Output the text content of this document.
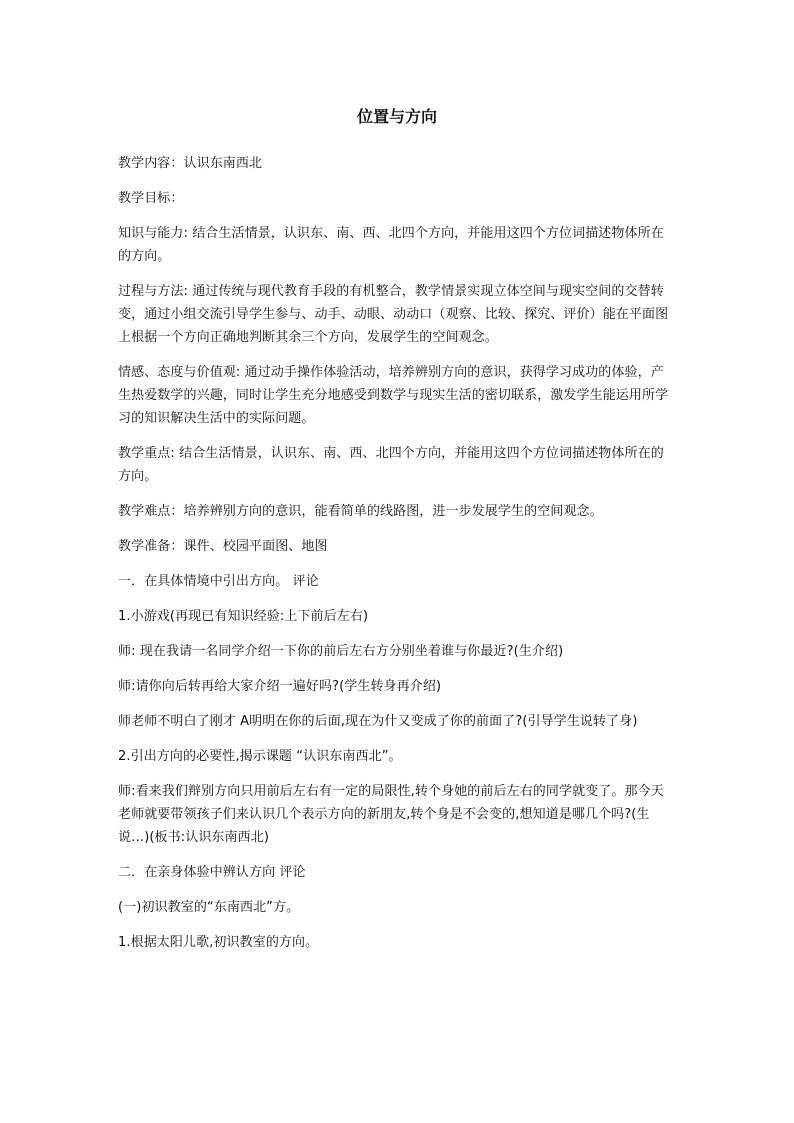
位置与方向

教学内容：认识东南西北

教学目标：

知识与能力: 结合生活情景，认识东、南、西、北四个方向，并能用这四个方位词描述物体所在的方向。

过程与方法: 通过传统与现代教育手段的有机整合，教学情景实现立体空间与现实空间的交替转变，通过小组交流引导学生参与、动手、动眼、动动口（观察、比较、探究、评价）能在平面图上根据一个方向正确地判断其余三个方向，发展学生的空间观念。

情感、态度与价值观: 通过动手操作体验活动，培养辨别方向的意识，获得学习成功的体验，产生热爱数学的兴趣，同时让学生充分地感受到数学与现实生活的密切联系，激发学生能运用所学习的知识解决生活中的实际问题。

教学重点: 结合生活情景，认识东、南、西、北四个方向，并能用这四个方位词描述物体所在的方向。

教学难点：培养辨别方向的意识，能看简单的线路图，进一步发展学生的空间观念。

教学准备：课件、校园平面图、地图

一．在具体情境中引出方向。 评论

1.小游戏(再现已有知识经验:上下前后左右)

师: 现在我请一名同学介绍一下你的前后左右方分别坐着谁与你最近?(生介绍)

师:请你向后转再给大家介绍一遍好吗?(学生转身再介绍)

师老师不明白了刚才 A明明在你的后面,现在为什又变成了你的前面了?(引导学生说转了身)

2.引出方向的必要性,揭示课题 “认识东南西北”。

师:看来我们辩别方向只用前后左右有一定的局限性,转个身她的前后左右的同学就变了。那今天老师就要带领孩子们来认识几个表示方向的新朋友,转个身是不会变的,想知道是哪几个吗?(生说…)(板书:认识东南西北)

二．在亲身体验中辨认方向 评论

(一)初识教室的“东南西北”方。

1.根据太阳儿歌,初识教室的方向。
